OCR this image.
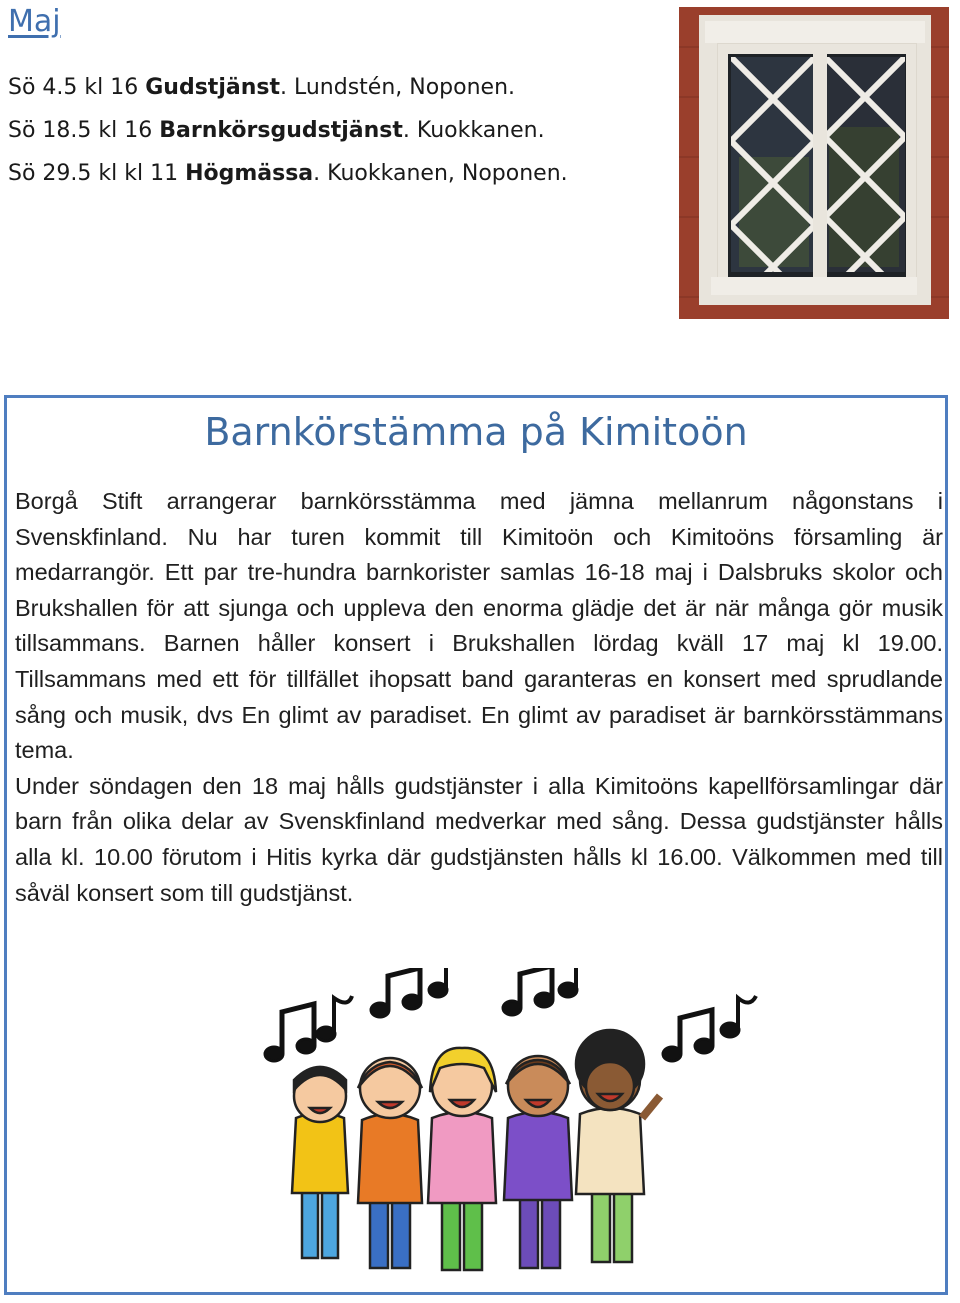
Maj
Sö 4.5 kl 16 Gudstjänst. Lundstén, Noponen.
Sö 18.5 kl 16 Barnkörsgudstjänst. Kuokkanen.
Sö 29.5 kl kl 11 Högmässa. Kuokkanen, Noponen.
Barnkörstämma på Kimitoön

Borgå Stift arrangerar barnkörsstämma med jämna mellanrum någonstans i Svenskfinland. Nu har turen kommit till Kimitoön och Kimitoöns församling är medarrangör. Ett par tre-hundra barnkorister samlas 16-18 maj i Dalsbruks skolor och Brukshallen för att sjunga och uppleva den enorma glädje det är när många gör musik tillsammans. Barnen håller konsert i Brukshallen lördag kväll 17 maj kl 19.00. Tillsammans med ett för tillfället ihopsatt band garanteras en konsert med sprudlande sång och musik, dvs En glimt av paradiset. En glimt av paradiset är barnkörsstämmans tema.

Under söndagen den 18 maj hålls gudstjänster i alla Kimitoöns kapellförsamlingar där barn från olika delar av Svenskfinland medverkar med sång. Dessa gudstjänster hålls alla kl. 10.00 förutom i Hitis kyrka där gudstjänsten hålls kl 16.00. Välkommen med till såväl konsert som till gudstjänst.
